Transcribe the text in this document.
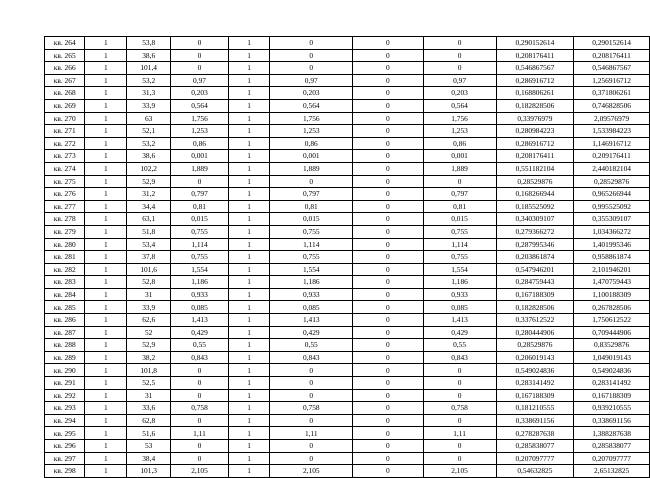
кв. 264	1	53,8	0	1	0	0	0	0,290152614	0,290152614
кв. 265	1	38,6	0	1	0	0	0	0,208176411	0,208176411
кв. 266	1	101,4	0	1	0	0	0	0,546867567	0,546867567
кв. 267	1	53,2	0,97	1	0,97	0	0,97	0,286916712	1,256916712
кв. 268	1	31,3	0,203	1	0,203	0	0,203	0,168806261	0,371806261
кв. 269	1	33,9	0,564	1	0,564	0	0,564	0,182828506	0,746828506
кв. 270	1	63	1,756	1	1,756	0	1,756	0,33976979	2,09576979
кв. 271	1	52,1	1,253	1	1,253	0	1,253	0,280984223	1,533984223
кв. 272	1	53,2	0,86	1	0,86	0	0,86	0,286916712	1,146916712
кв. 273	1	38,6	0,001	1	0,001	0	0,001	0,208176411	0,209176411
кв. 274	1	102,2	1,889	1	1,889	0	1,889	0,551182104	2,440182104
кв. 275	1	52,9	0	1	0	0	0	0,28529876	0,28529876
кв. 276	1	31,2	0,797	1	0,797	0	0,797	0,168266944	0,965266944
кв. 277	1	34,4	0,81	1	0,81	0	0,81	0,185525092	0,995525092
кв. 278	1	63,1	0,015	1	0,015	0	0,015	0,340309107	0,355309107
кв. 279	1	51,8	0,755	1	0,755	0	0,755	0,279366272	1,034366272
кв. 280	1	53,4	1,114	1	1,114	0	1,114	0,287995346	1,401995346
кв. 281	1	37,8	0,755	1	0,755	0	0,755	0,203861874	0,958861874
кв. 282	1	101,6	1,554	1	1,554	0	1,554	0,547946201	2,101946201
кв. 283	1	52,8	1,186	1	1,186	0	1,186	0,284759443	1,470759443
кв. 284	1	31	0,933	1	0,933	0	0,933	0,167188309	1,100188309
кв. 285	1	33,9	0,085	1	0,085	0	0,085	0,182828506	0,267828506
кв. 286	1	62,6	1,413	1	1,413	0	1,413	0,337612522	1,750612522
кв. 287	1	52	0,429	1	0,429	0	0,429	0,280444906	0,709444906
кв. 288	1	52,9	0,55	1	0,55	0	0,55	0,28529876	0,83529876
кв. 289	1	38,2	0,843	1	0,843	0	0,843	0,206019143	1,049019143
кв. 290	1	101,8	0	1	0	0	0	0,549024836	0,549024836
кв. 291	1	52,5	0	1	0	0	0	0,283141492	0,283141492
кв. 292	1	31	0	1	0	0	0	0,167188309	0,167188309
кв. 293	1	33,6	0,758	1	0,758	0	0,758	0,181210555	0,939210555
кв. 294	1	62,8	0	1	0	0	0	0,338691156	0,338691156
кв. 295	1	51,6	1,11	1	1,11	0	1,11	0,278287638	1,388287638
кв. 296	1	53	0	1	0	0	0	0,285838077	0,285838077
кв. 297	1	38,4	0	1	0	0	0	0,207097777	0,207097777
кв. 298	1	101,3	2,105	1	2,105	0	2,105	0,54632825	2,65132825
